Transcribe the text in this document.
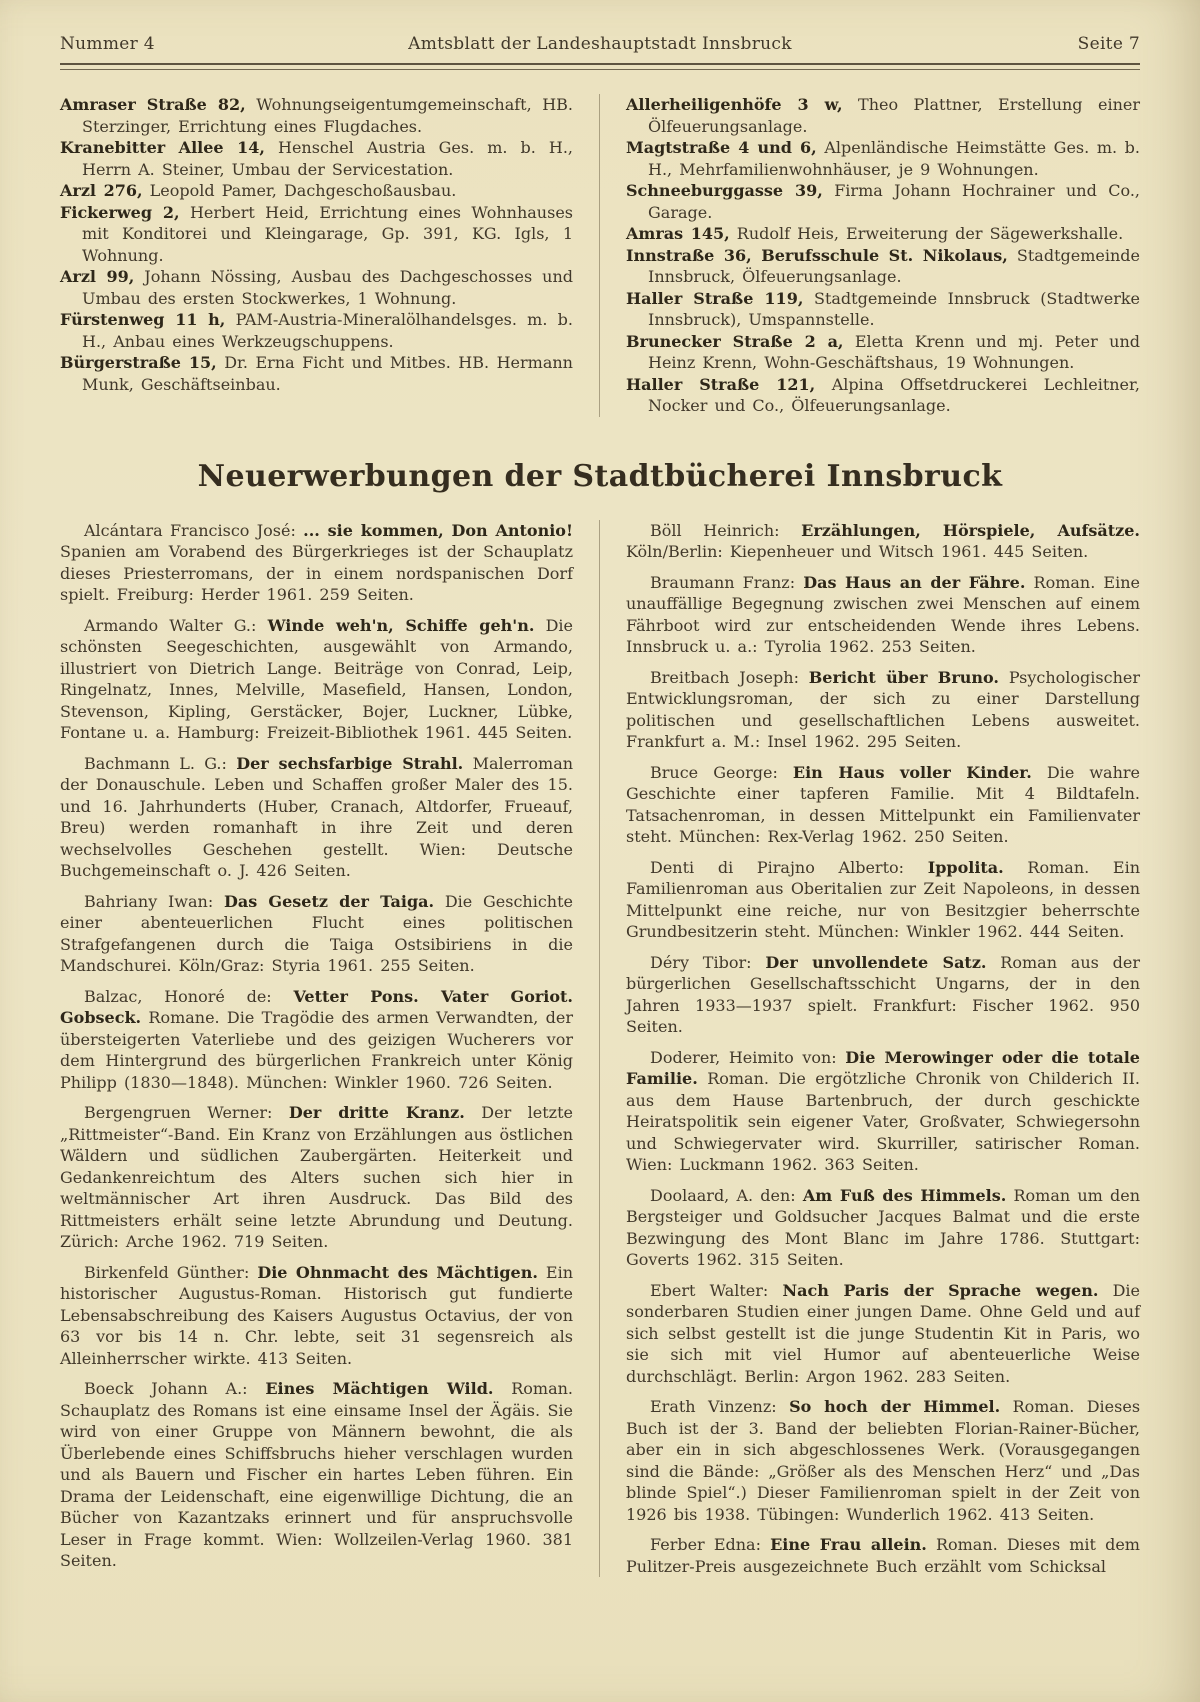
Nummer 4	Amtsblatt der Landeshauptstadt Innsbruck	Seite 7

Amraser Straße 82, Wohnungseigentumgemeinschaft, HB. Sterzinger, Errichtung eines Flugdaches.

Kranebitter Allee 14, Henschel Austria Ges. m. b. H., Herrn A. Steiner, Umbau der Servicestation.

Arzl 276, Leopold Pamer, Dachgeschoßausbau.

Fickerweg 2, Herbert Heid, Errichtung eines Wohnhauses mit Konditorei und Kleingarage, Gp. 391, KG. Igls, 1 Wohnung.

Arzl 99, Johann Nössing, Ausbau des Dachgeschosses und Umbau des ersten Stockwerkes, 1 Wohnung.

Fürstenweg 11 h, PAM-Austria-Mineralölhandelsges. m. b. H., Anbau eines Werkzeugschuppens.

Bürgerstraße 15, Dr. Erna Ficht und Mitbes. HB. Hermann Munk, Geschäftseinbau.

Allerheiligenhöfe 3 w, Theo Plattner, Erstellung einer Ölfeuerungsanlage.

Magtstraße 4 und 6, Alpenländische Heimstätte Ges. m. b. H., Mehrfamilienwohnhäuser, je 9 Wohnungen.

Schneeburggasse 39, Firma Johann Hochrainer und Co., Garage.

Amras 145, Rudolf Heis, Erweiterung der Sägewerkshalle.

Innstraße 36, Berufsschule St. Nikolaus, Stadtgemeinde Innsbruck, Ölfeuerungsanlage.

Haller Straße 119, Stadtgemeinde Innsbruck (Stadtwerke Innsbruck), Umspannstelle.

Brunecker Straße 2 a, Eletta Krenn und mj. Peter und Heinz Krenn, Wohn-Geschäftshaus, 19 Wohnungen.

Haller Straße 121, Alpina Offsetdruckerei Lechleitner, Nocker und Co., Ölfeuerungsanlage.

Neuerwerbungen der Stadtbücherei Innsbruck

Alcántara Francisco José: ... sie kommen, Don Antonio! Spanien am Vorabend des Bürgerkrieges ist der Schauplatz dieses Priesterromans, der in einem nordspanischen Dorf spielt. Freiburg: Herder 1961. 259 Seiten.

Armando Walter G.: Winde weh'n, Schiffe geh'n. Die schönsten Seegeschichten, ausgewählt von Armando, illustriert von Dietrich Lange. Beiträge von Conrad, Leip, Ringelnatz, Innes, Melville, Masefield, Hansen, London, Stevenson, Kipling, Gerstäcker, Bojer, Luckner, Lübke, Fontane u. a. Hamburg: Freizeit-Bibliothek 1961. 445 Seiten.

Bachmann L. G.: Der sechsfarbige Strahl. Malerroman der Donauschule. Leben und Schaffen großer Maler des 15. und 16. Jahrhunderts (Huber, Cranach, Altdorfer, Frueauf, Breu) werden romanhaft in ihre Zeit und deren wechselvolles Geschehen gestellt. Wien: Deutsche Buchgemeinschaft o. J. 426 Seiten.

Bahriany Iwan: Das Gesetz der Taiga. Die Geschichte einer abenteuerlichen Flucht eines politischen Strafgefangenen durch die Taiga Ostsibiriens in die Mandschurei. Köln/Graz: Styria 1961. 255 Seiten.

Balzac, Honoré de: Vetter Pons. Vater Goriot. Gobseck. Romane. Die Tragödie des armen Verwandten, der übersteigerten Vaterliebe und des geizigen Wucherers vor dem Hintergrund des bürgerlichen Frankreich unter König Philipp (1830—1848). München: Winkler 1960. 726 Seiten.

Bergengruen Werner: Der dritte Kranz. Der letzte „Rittmeister“-Band. Ein Kranz von Erzählungen aus östlichen Wäldern und südlichen Zaubergärten. Heiterkeit und Gedankenreichtum des Alters suchen sich hier in weltmännischer Art ihren Ausdruck. Das Bild des Rittmeisters erhält seine letzte Abrundung und Deutung. Zürich: Arche 1962. 719 Seiten.

Birkenfeld Günther: Die Ohnmacht des Mächtigen. Ein historischer Augustus-Roman. Historisch gut fundierte Lebensabschreibung des Kaisers Augustus Octavius, der von 63 vor bis 14 n. Chr. lebte, seit 31 segensreich als Alleinherrscher wirkte. 413 Seiten.

Boeck Johann A.: Eines Mächtigen Wild. Roman. Schauplatz des Romans ist eine einsame Insel der Ägäis. Sie wird von einer Gruppe von Männern bewohnt, die als Überlebende eines Schiffsbruchs hieher verschlagen wurden und als Bauern und Fischer ein hartes Leben führen. Ein Drama der Leidenschaft, eine eigenwillige Dichtung, die an Bücher von Kazantzaks erinnert und für anspruchsvolle Leser in Frage kommt. Wien: Wollzeilen-Verlag 1960. 381 Seiten.

Böll Heinrich: Erzählungen, Hörspiele, Aufsätze. Köln/Berlin: Kiepenheuer und Witsch 1961. 445 Seiten.

Braumann Franz: Das Haus an der Fähre. Roman. Eine unauffällige Begegnung zwischen zwei Menschen auf einem Fährboot wird zur entscheidenden Wende ihres Lebens. Innsbruck u. a.: Tyrolia 1962. 253 Seiten.

Breitbach Joseph: Bericht über Bruno. Psychologischer Entwicklungsroman, der sich zu einer Darstellung politischen und gesellschaftlichen Lebens ausweitet. Frankfurt a. M.: Insel 1962. 295 Seiten.

Bruce George: Ein Haus voller Kinder. Die wahre Geschichte einer tapferen Familie. Mit 4 Bildtafeln. Tatsachenroman, in dessen Mittelpunkt ein Familienvater steht. München: Rex-Verlag 1962. 250 Seiten.

Denti di Pirajno Alberto: Ippolita. Roman. Ein Familienroman aus Oberitalien zur Zeit Napoleons, in dessen Mittelpunkt eine reiche, nur von Besitzgier beherrschte Grundbesitzerin steht. München: Winkler 1962. 444 Seiten.

Déry Tibor: Der unvollendete Satz. Roman aus der bürgerlichen Gesellschaftsschicht Ungarns, der in den Jahren 1933—1937 spielt. Frankfurt: Fischer 1962. 950 Seiten.

Doderer, Heimito von: Die Merowinger oder die totale Familie. Roman. Die ergötzliche Chronik von Childerich II. aus dem Hause Bartenbruch, der durch geschickte Heiratspolitik sein eigener Vater, Großvater, Schwiegersohn und Schwiegervater wird. Skurriller, satirischer Roman. Wien: Luckmann 1962. 363 Seiten.

Doolaard, A. den: Am Fuß des Himmels. Roman um den Bergsteiger und Goldsucher Jacques Balmat und die erste Bezwingung des Mont Blanc im Jahre 1786. Stuttgart: Goverts 1962. 315 Seiten.

Ebert Walter: Nach Paris der Sprache wegen. Die sonderbaren Studien einer jungen Dame. Ohne Geld und auf sich selbst gestellt ist die junge Studentin Kit in Paris, wo sie sich mit viel Humor auf abenteuerliche Weise durchschlägt. Berlin: Argon 1962. 283 Seiten.

Erath Vinzenz: So hoch der Himmel. Roman. Dieses Buch ist der 3. Band der beliebten Florian-Rainer-Bücher, aber ein in sich abgeschlossenes Werk. (Vorausgegangen sind die Bände: „Größer als des Menschen Herz“ und „Das blinde Spiel“.) Dieser Familienroman spielt in der Zeit von 1926 bis 1938. Tübingen: Wunderlich 1962. 413 Seiten.

Ferber Edna: Eine Frau allein. Roman. Dieses mit dem Pulitzer-Preis ausgezeichnete Buch erzählt vom Schicksal
